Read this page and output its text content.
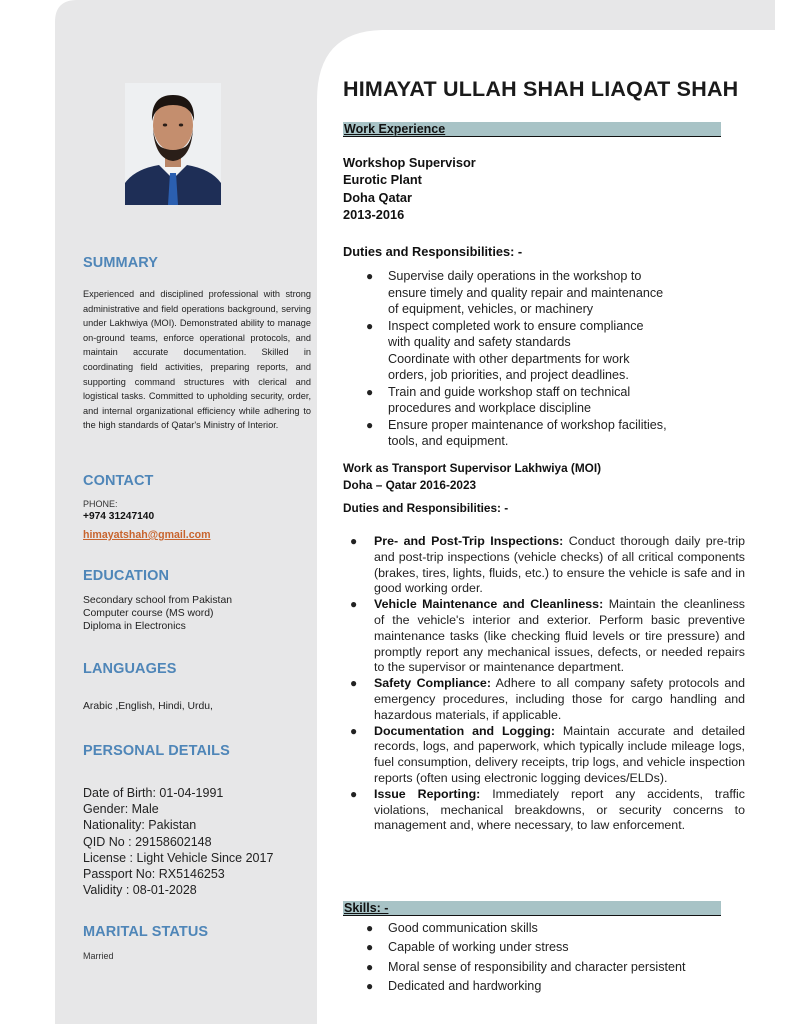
SUMMARY
Experienced and disciplined professional with strong administrative and field operations background, serving under Lakhwiya (MOI). Demonstrated ability to manage on-ground teams, enforce operational protocols, and maintain accurate documentation. Skilled in coordinating field activities, preparing reports, and supporting command structures with clerical and logistical tasks. Committed to upholding security, order, and internal organizational efficiency while adhering to the high standards of Qatar's Ministry of Interior.
CONTACT
PHONE:
+974 31247140
himayatshah@gmail.com
EDUCATION
Secondary school from Pakistan
Computer course (MS word)
Diploma in Electronics
LANGUAGES
Arabic ,English, Hindi, Urdu,
PERSONAL DETAILS
Date of Birth: 01-04-1991
Gender: Male
Nationality: Pakistan
QID No : 29158602148
License : Light Vehicle Since 2017
Passport No: RX5146253
Validity : 08-01-2028
MARITAL STATUS
Married
HIMAYAT ULLAH SHAH LIAQAT SHAH
Work Experience
Workshop Supervisor
Eurotic Plant
Doha Qatar
2013-2016
Duties and Responsibilities: -
● Supervise daily operations in the workshop to
ensure timely and quality repair and maintenance
of equipment, vehicles, or machinery
● Inspect completed work to ensure compliance
with quality and safety standards
Coordinate with other departments for work
orders, job priorities, and project deadlines.
● Train and guide workshop staff on technical
procedures and workplace discipline
● Ensure proper maintenance of workshop facilities,
tools, and equipment.
Work as Transport Supervisor Lakhwiya (MOI)
Doha – Qatar 2016-2023
Duties and Responsibilities: -
● Pre- and Post-Trip Inspections: Conduct thorough daily pre-trip and post-trip inspections (vehicle checks) of all critical components (brakes, tires, lights, fluids, etc.) to ensure the vehicle is safe and in good working order.
● Vehicle Maintenance and Cleanliness: Maintain the cleanliness of the vehicle's interior and exterior. Perform basic preventive maintenance tasks (like checking fluid levels or tire pressure) and promptly report any mechanical issues, defects, or needed repairs to the supervisor or maintenance department.
● Safety Compliance: Adhere to all company safety protocols and emergency procedures, including those for cargo handling and hazardous materials, if applicable.
● Documentation and Logging: Maintain accurate and detailed records, logs, and paperwork, which typically include mileage logs, fuel consumption, delivery receipts, trip logs, and vehicle inspection reports (often using electronic logging devices/ELDs).
● Issue Reporting: Immediately report any accidents, traffic violations, mechanical breakdowns, or security concerns to management and, where necessary, to law enforcement.
Skills: -
● Good communication skills
● Capable of working under stress
● Moral sense of responsibility and character persistent
● Dedicated and hardworking
